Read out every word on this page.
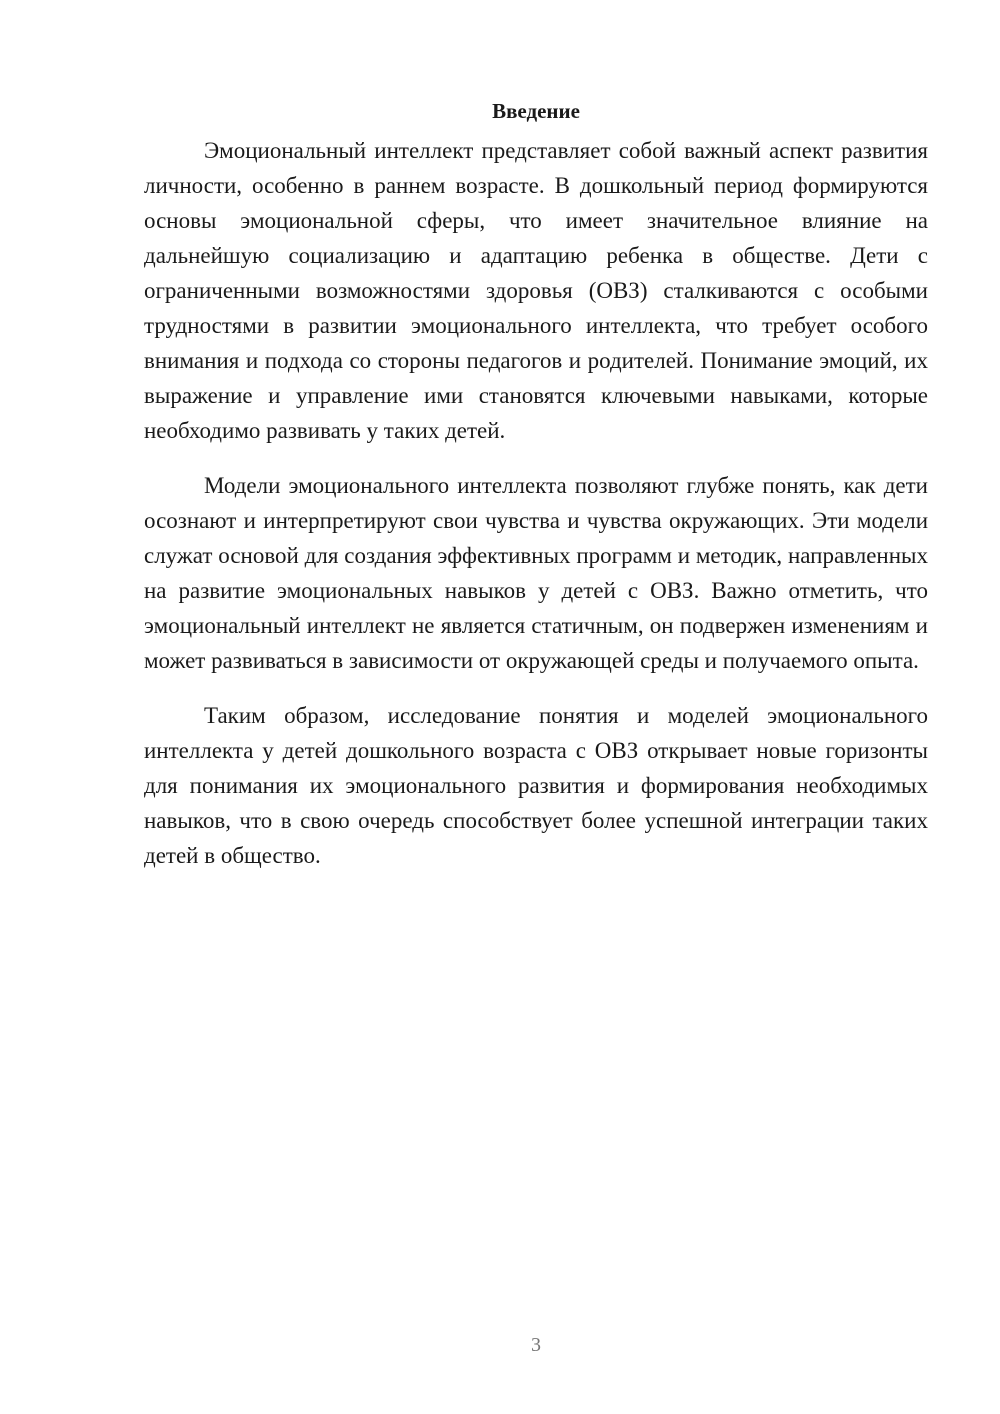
Введение

Эмоциональный интеллект представляет собой важный аспект развития личности, особенно в раннем возрасте. В дошкольный период формируются основы эмоциональной сферы, что имеет значительное влияние на дальнейшую социализацию и адаптацию ребенка в обществе. Дети с ограниченными возможностями здоровья (ОВЗ) сталкиваются с особыми трудностями в развитии эмоционального интеллекта, что требует особого внимания и подхода со стороны педагогов и родителей. Понимание эмоций, их выражение и управление ими становятся ключевыми навыками, которые необходимо развивать у таких детей.

Модели эмоционального интеллекта позволяют глубже понять, как дети осознают и интерпретируют свои чувства и чувства окружающих. Эти модели служат основой для создания эффективных программ и методик, направленных на развитие эмоциональных навыков у детей с ОВЗ. Важно отметить, что эмоциональный интеллект не является статичным, он подвержен изменениям и может развиваться в зависимости от окружающей среды и получаемого опыта.

Таким образом, исследование понятия и моделей эмоционального интеллекта у детей дошкольного возраста с ОВЗ открывает новые горизонты для понимания их эмоционального развития и формирования необходимых навыков, что в свою очередь способствует более успешной интеграции таких детей в общество.

3
